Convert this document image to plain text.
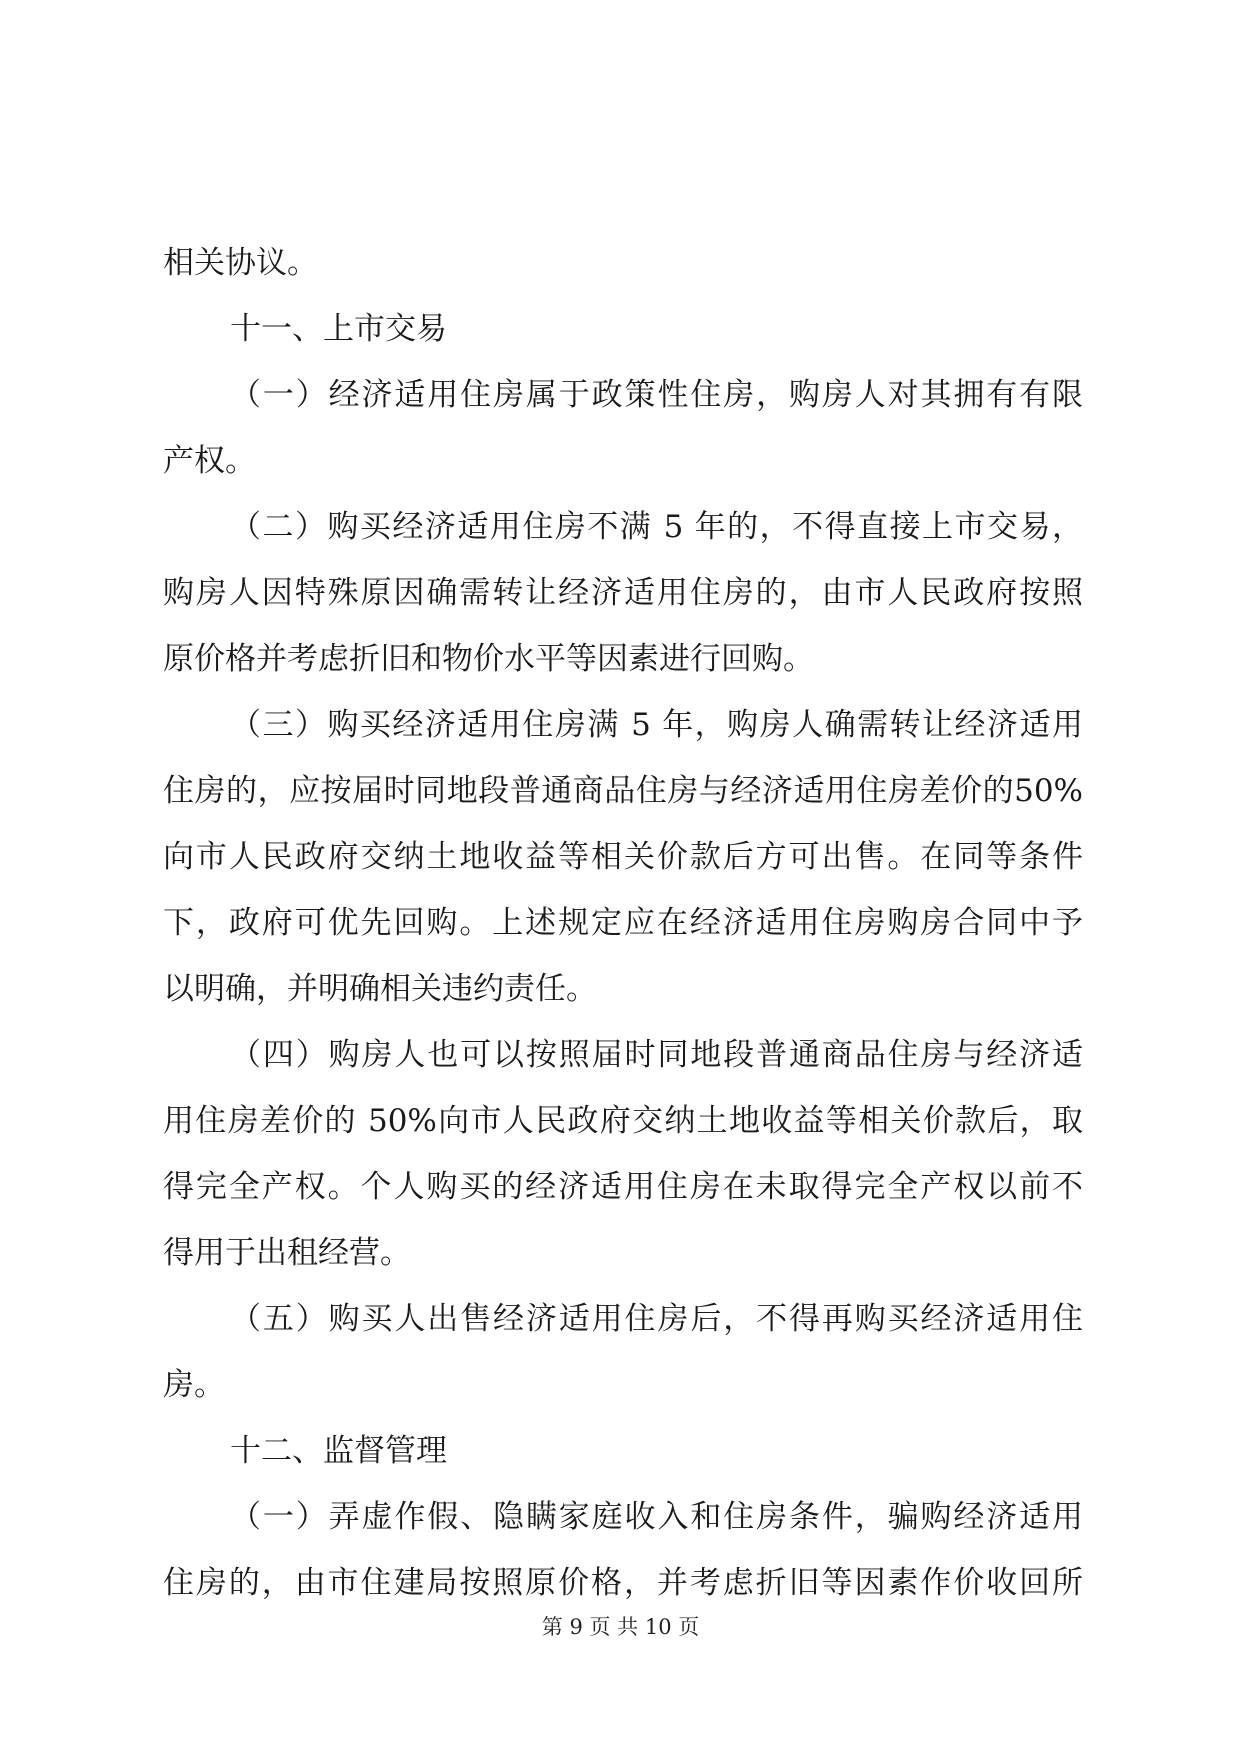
相关协议。
十一、上市交易
（一）经济适用住房属于政策性住房，购房人对其拥有有限
产权。
（二）购买经济适用住房不满 5 年的，不得直接上市交易，
购房人因特殊原因确需转让经济适用住房的，由市人民政府按照
原价格并考虑折旧和物价水平等因素进行回购。
（三）购买经济适用住房满 5 年，购房人确需转让经济适用
住房的，应按届时同地段普通商品住房与经济适用住房差价的50%
向市人民政府交纳土地收益等相关价款后方可出售。在同等条件
下，政府可优先回购。上述规定应在经济适用住房购房合同中予
以明确，并明确相关违约责任。
（四）购房人也可以按照届时同地段普通商品住房与经济适
用住房差价的 50%向市人民政府交纳土地收益等相关价款后，取
得完全产权。个人购买的经济适用住房在未取得完全产权以前不
得用于出租经营。
（五）购买人出售经济适用住房后，不得再购买经济适用住
房。
十二、监督管理
（一）弄虚作假、隐瞒家庭收入和住房条件，骗购经济适用
住房的，由市住建局按照原价格，并考虑折旧等因素作价收回所
第 9 页 共 10 页
